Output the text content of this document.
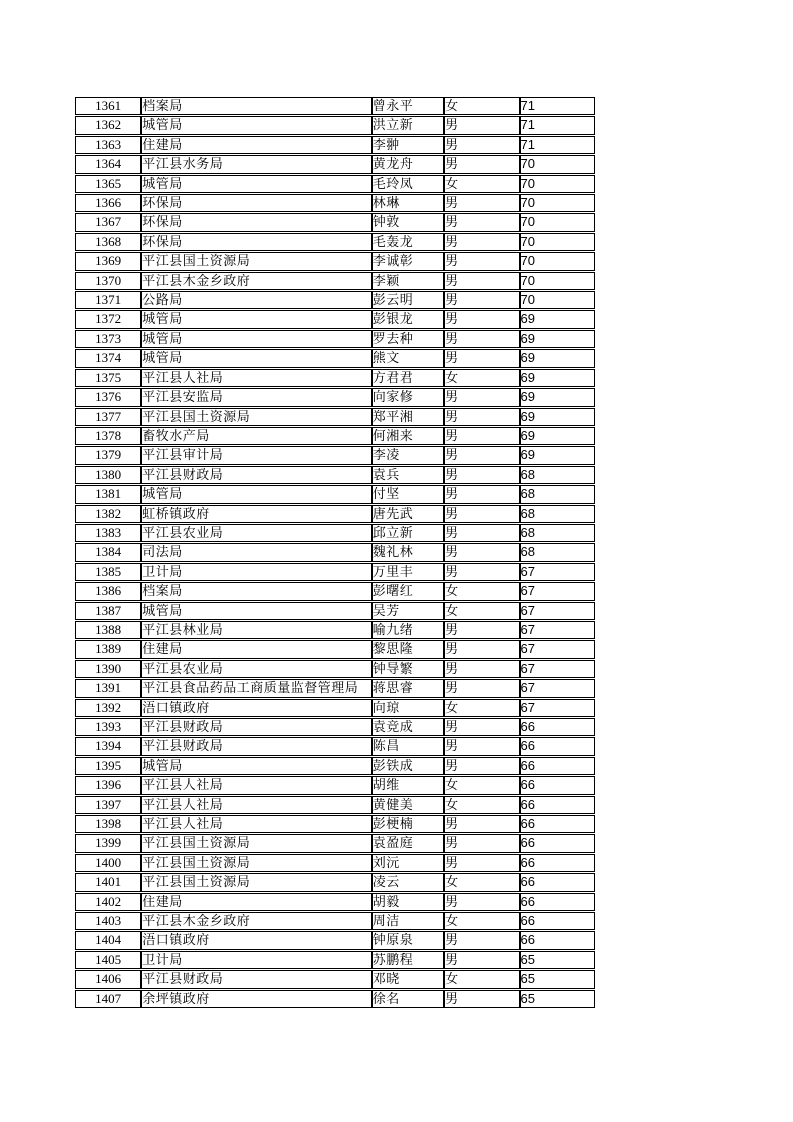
1361	档案局	曾永平	女	71
1362	城管局	洪立新	男	71
1363	住建局	李翀	男	71
1364	平江县水务局	黄龙舟	男	70
1365	城管局	毛玲凤	女	70
1366	环保局	林琳	男	70
1367	环保局	钟敦	男	70
1368	环保局	毛轰龙	男	70
1369	平江县国土资源局	李诚彰	男	70
1370	平江县木金乡政府	李颖	男	70
1371	公路局	彭云明	男	70
1372	城管局	彭银龙	男	69
1373	城管局	罗去种	男	69
1374	城管局	熊文	男	69
1375	平江县人社局	方君君	女	69
1376	平江县安监局	向家修	男	69
1377	平江县国土资源局	郑平湘	男	69
1378	畜牧水产局	何湘来	男	69
1379	平江县审计局	李凌	男	69
1380	平江县财政局	袁兵	男	68
1381	城管局	付坚	男	68
1382	虹桥镇政府	唐先武	男	68
1383	平江县农业局	邱立新	男	68
1384	司法局	魏礼林	男	68
1385	卫计局	万里丰	男	67
1386	档案局	彭曙红	女	67
1387	城管局	吴芳	女	67
1388	平江县林业局	喻九绪	男	67
1389	住建局	黎思隆	男	67
1390	平江县农业局	钟导繁	男	67
1391	平江县食品药品工商质量监督管理局	蒋思睿	男	67
1392	浯口镇政府	向琼	女	67
1393	平江县财政局	袁竞成	男	66
1394	平江县财政局	陈昌	男	66
1395	城管局	彭铁成	男	66
1396	平江县人社局	胡维	女	66
1397	平江县人社局	黄健美	女	66
1398	平江县人社局	彭梗楠	男	66
1399	平江县国土资源局	袁盈庭	男	66
1400	平江县国土资源局	刘沅	男	66
1401	平江县国土资源局	凌云	女	66
1402	住建局	胡毅	男	66
1403	平江县木金乡政府	周洁	女	66
1404	浯口镇政府	钟原泉	男	66
1405	卫计局	苏鹏程	男	65
1406	平江县财政局	邓晓	女	65
1407	余坪镇政府	徐名	男	65
